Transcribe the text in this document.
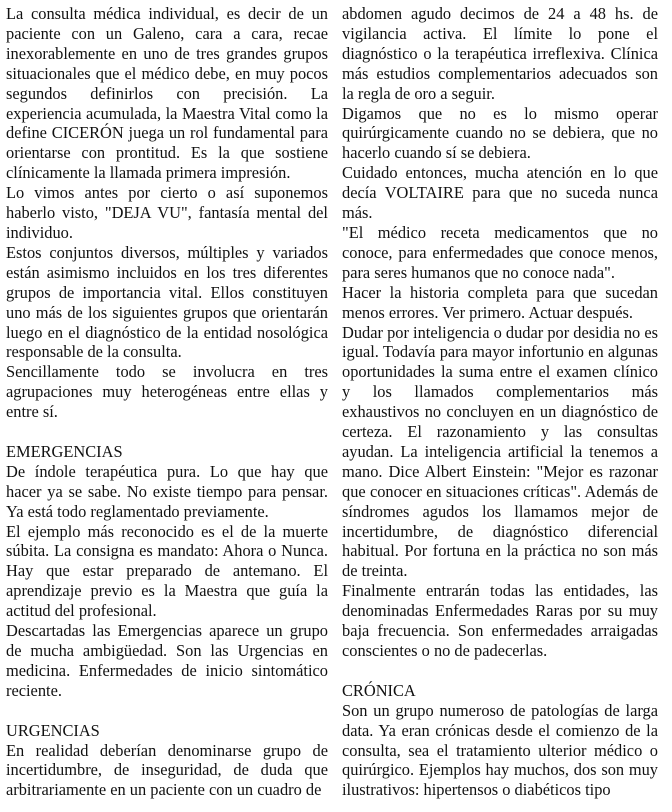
La consulta médica individual, es decir de un paciente con un Galeno, cara a cara, recae inexorablemente en uno de tres grandes grupos situacionales que el médico debe, en muy pocos segundos definirlos con precisión. La experiencia acumulada, la Maestra Vital como la define CICERÓN juega un rol fundamental para orientarse con prontitud. Es la que sostiene clínicamente la llamada primera impresión.

Lo vimos antes por cierto o así suponemos haberlo visto, "DEJA VU", fantasía mental del individuo.

Estos conjuntos diversos, múltiples y variados están asimismo incluidos en los tres diferentes grupos de importancia vital. Ellos constituyen uno más de los siguientes grupos que orientarán luego en el diagnóstico de la entidad nosológica responsable de la consulta.

Sencillamente todo se involucra en tres agrupaciones muy heterogéneas entre ellas y entre sí.

EMERGENCIAS

De índole terapéutica pura. Lo que hay que hacer ya se sabe. No existe tiempo para pensar. Ya está todo reglamentado previamente.

El ejemplo más reconocido es el de la muerte súbita. La consigna es mandato: Ahora o Nunca. Hay que estar preparado de antemano. El aprendizaje previo es la Maestra que guía la actitud del profesional.

Descartadas las Emergencias aparece un grupo de mucha ambigüedad. Son las Urgencias en medicina. Enfermedades de inicio sintomático reciente.

URGENCIAS

En realidad deberían denominarse grupo de incertidumbre, de inseguridad, de duda que arbitrariamente en un paciente con un cuadro de

abdomen agudo decimos de 24 a 48 hs. de vigilancia activa. El límite lo pone el diagnóstico o la terapéutica irreflexiva. Clínica más estudios complementarios adecuados son la regla de oro a seguir.

Digamos que no es lo mismo operar quirúrgicamente cuando no se debiera, que no hacerlo cuando sí se debiera.

Cuidado entonces, mucha atención en lo que decía VOLTAIRE para que no suceda nunca más.

"El médico receta medicamentos que no conoce, para enfermedades que conoce menos, para seres humanos que no conoce nada".

Hacer la historia completa para que sucedan menos errores. Ver primero. Actuar después.

Dudar por inteligencia o dudar por desidia no es igual. Todavía para mayor infortunio en algunas oportunidades la suma entre el examen clínico y los llamados complementarios más exhaustivos no concluyen en un diagnóstico de certeza. El razonamiento y las consultas ayudan. La inteligencia artificial la tenemos a mano. Dice Albert Einstein: "Mejor es razonar que conocer en situaciones críticas". Además de síndromes agudos los llamamos mejor de incertidumbre, de diagnóstico diferencial habitual. Por fortuna en la práctica no son más de treinta.

Finalmente entrarán todas las entidades, las denominadas Enfermedades Raras por su muy baja frecuencia. Son enfermedades arraigadas conscientes o no de padecerlas.

CRÓNICA

Son un grupo numeroso de patologías de larga data. Ya eran crónicas desde el comienzo de la consulta, sea el tratamiento ulterior médico o quirúrgico. Ejemplos hay muchos, dos son muy ilustrativos: hipertensos o diabéticos tipo
